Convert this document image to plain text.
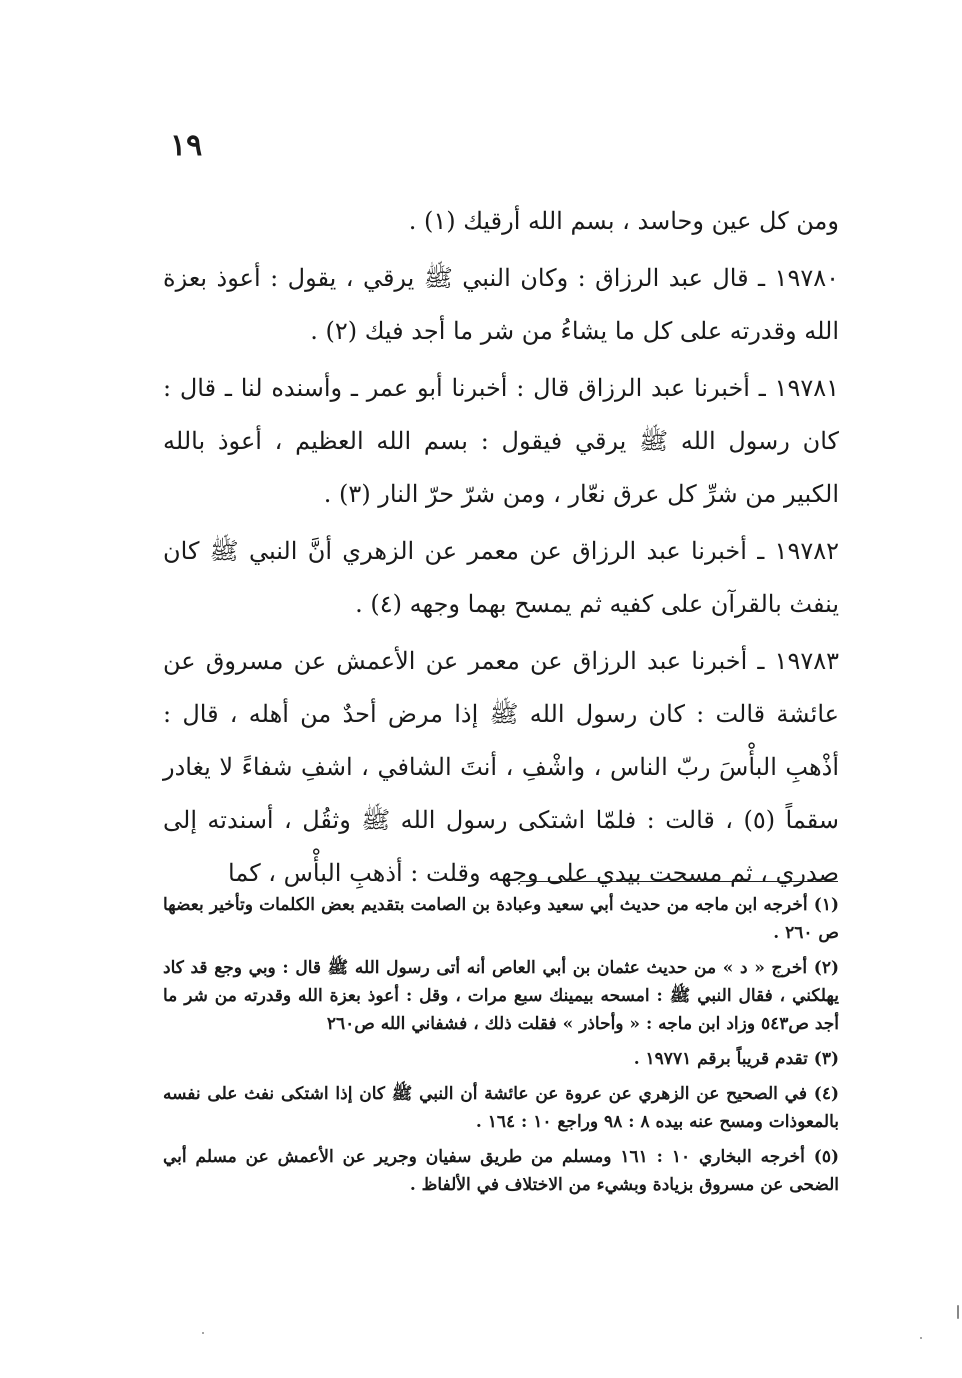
١٩

ومن كل عين وحاسد ، بسم الله أرقيك (١) .

١٩٧٨٠ ـ قال عبد الرزاق : وكان النبي ﷺ يرقي ، يقول : أعوذ بعزة الله وقدرته على كل ما يشاءُ من شر ما أجد فيك (٢) .

١٩٧٨١ ـ أخبرنا عبد الرزاق قال : أخبرنا أبو عمر ـ وأسنده لنا ـ قال : كان رسول الله ﷺ يرقي فيقول : بسم الله العظيم ، أعوذ بالله الكبير من شرِّ كل عرق نعّار ، ومن شرّ حرّ النار (٣) .

١٩٧٨٢ ـ أخبرنا عبد الرزاق عن معمر عن الزهري أنَّ النبي ﷺ كان ينفث بالقرآن على كفيه ثم يمسح بهما وجهه (٤) .

١٩٧٨٣ ـ أخبرنا عبد الرزاق عن معمر عن الأعمش عن مسروق عن عائشة قالت : كان رسول الله ﷺ إذا مرض أحدٌ من أهله ، قال : أذْهبِ البأْسَ ربّ الناس ، واشْفِ ، أنتَ الشافي ، اشفِ شفاءً لا يغادر سقماً (٥) ، قالت : فلمّا اشتكى رسول الله ﷺ وثقُل ، أسندته إلى صدري ، ثم مسحت بيدي على وجهه وقلت : أذهبِ البأْس ، كما

(١) أخرجه ابن ماجه من حديث أبي سعيد وعبادة بن الصامت بتقديم بعض الكلمات وتأخير بعضها ص ٢٦٠ .

(٢) أخرج « د » من حديث عثمان بن أبي العاص أنه أتى رسول الله ﷺ قال : وبي وجع قد كاد يهلكني ، فقال النبي ﷺ : امسحه بيمينك سبع مرات ، وقل : أعوذ بعزة الله وقدرته من شر ما أجد ص٥٤٣ وزاد ابن ماجه : « وأحاذر » فقلت ذلك ، فشفاني الله ص٢٦٠

(٣) تقدم قريباً برقم ١٩٧٧١ .

(٤) في الصحيح عن الزهري عن عروة عن عائشة أن النبي ﷺ كان إذا اشتكى نفث على نفسه بالمعوذات ومسح عنه بيده ٨ : ٩٨ وراجع ١٠ : ١٦٤ .

(٥) أخرجه البخاري ١٠ : ١٦١ ومسلم من طريق سفيان وجرير عن الأعمش عن مسلم أبي الضحى عن مسروق بزيادة وبشيء من الاختلاف في الألفاظ .
